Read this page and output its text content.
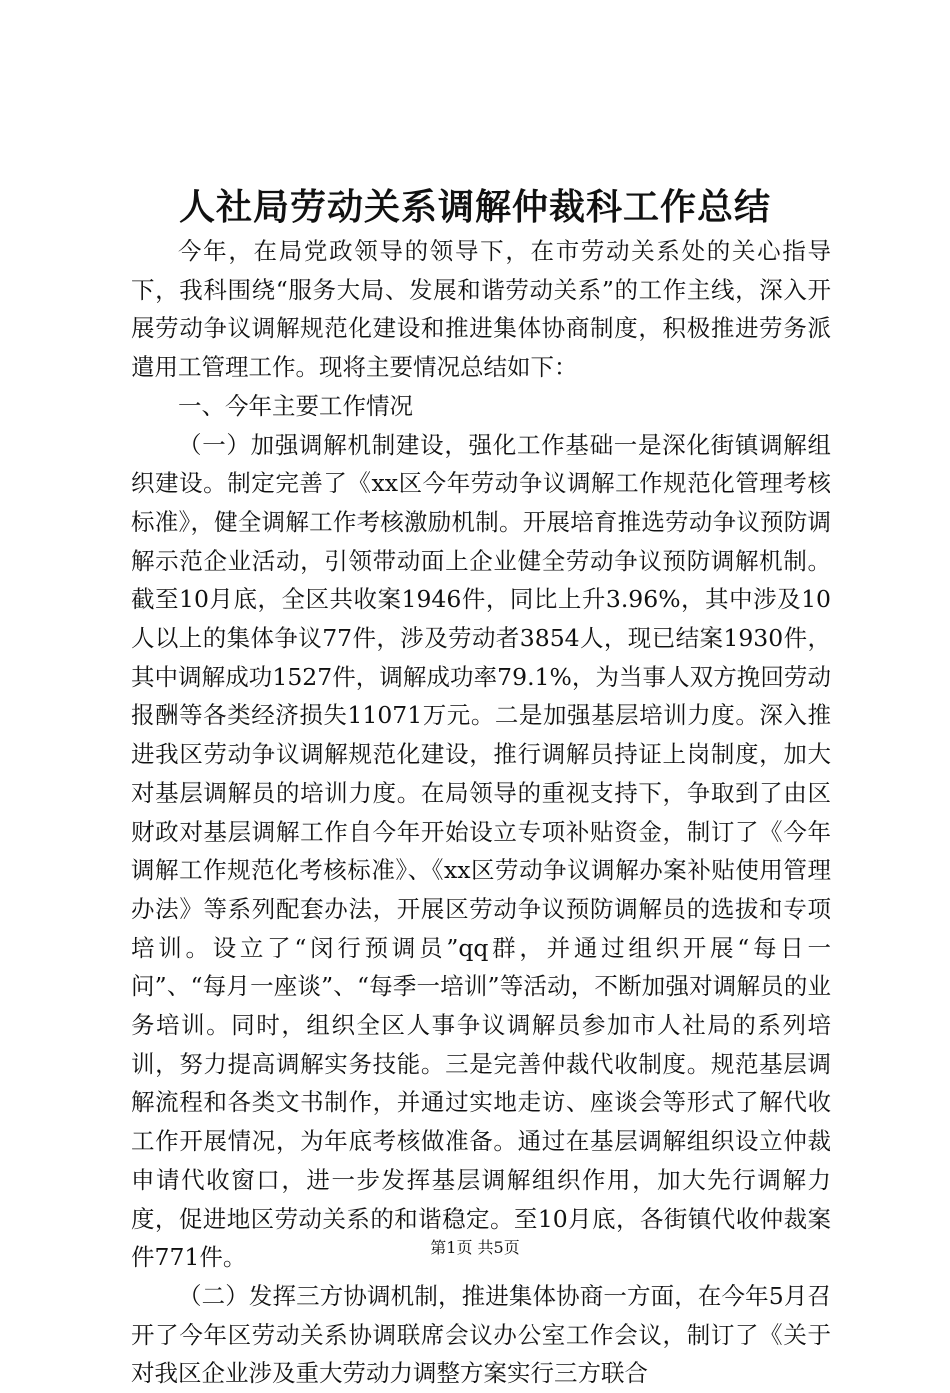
人社局劳动关系调解仲裁科工作总结

今年，在局党政领导的领导下，在市劳动关系处的关心指导下，我科围绕“服务大局、发展和谐劳动关系”的工作主线，深入开展劳动争议调解规范化建设和推进集体协商制度，积极推进劳务派遣用工管理工作。现将主要情况总结如下：

一、今年主要工作情况

（一）加强调解机制建设，强化工作基础一是深化街镇调解组织建设。制定完善了《xx区今年劳动争议调解工作规范化管理考核标准》，健全调解工作考核激励机制。开展培育推选劳动争议预防调解示范企业活动，引领带动面上企业健全劳动争议预防调解机制。截至10月底，全区共收案1946件，同比上升3.96%，其中涉及10人以上的集体争议77件，涉及劳动者3854人，现已结案1930件，其中调解成功1527件，调解成功率79.1%，为当事人双方挽回劳动报酬等各类经济损失11071万元。二是加强基层培训力度。深入推进我区劳动争议调解规范化建设，推行调解员持证上岗制度，加大对基层调解员的培训力度。在局领导的重视支持下，争取到了由区财政对基层调解工作自今年开始设立专项补贴资金，制订了《今年调解工作规范化考核标准》、《xx区劳动争议调解办案补贴使用管理办法》等系列配套办法，开展区劳动争议预防调解员的选拔和专项培训。设立了“闵行预调员”qq群，并通过组织开展“每日一问”、“每月一座谈”、“每季一培训”等活动，不断加强对调解员的业务培训。同时，组织全区人事争议调解员参加市人社局的系列培训，努力提高调解实务技能。三是完善仲裁代收制度。规范基层调解流程和各类文书制作，并通过实地走访、座谈会等形式了解代收工作开展情况，为年底考核做准备。通过在基层调解组织设立仲裁申请代收窗口，进一步发挥基层调解组织作用，加大先行调解力度，促进地区劳动关系的和谐稳定。至10月底，各街镇代收仲裁案件771件。

（二）发挥三方协调机制，推进集体协商一方面，在今年5月召开了今年区劳动关系协调联席会议办公室工作会议，制订了《关于对我区企业涉及重大劳动力调整方案实行三方联合

第1页 共5页
